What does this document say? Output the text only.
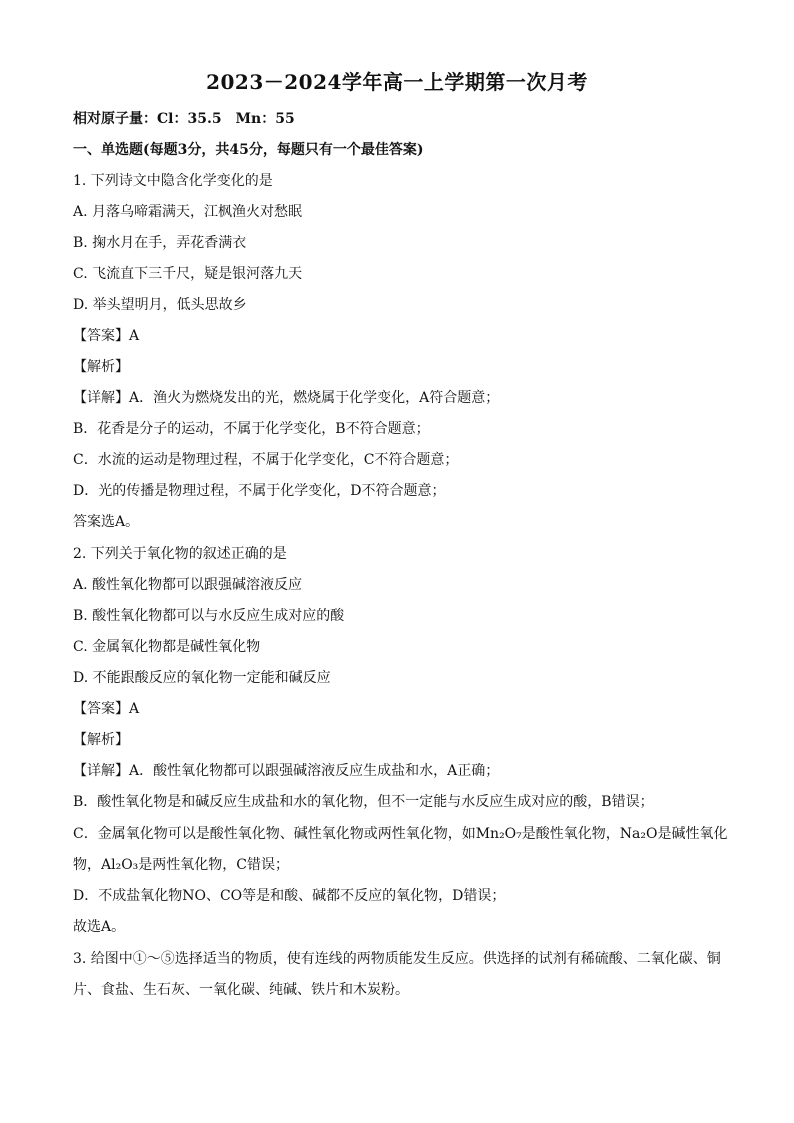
2023－2024学年高一上学期第一次月考
相对原子量：Cl：35.5　Mn：55
一、单选题(每题3分，共45分，每题只有一个最佳答案)
1. 下列诗文中隐含化学变化的是
A. 月落乌啼霜满天，江枫渔火对愁眠
B. 掬水月在手，弄花香满衣
C. 飞流直下三千尺，疑是银河落九天
D. 举头望明月，低头思故乡
【答案】A
【解析】
【详解】A．渔火为燃烧发出的光，燃烧属于化学变化，A符合题意；
B．花香是分子的运动，不属于化学变化，B不符合题意；
C．水流的运动是物理过程，不属于化学变化，C不符合题意；
D．光的传播是物理过程，不属于化学变化，D不符合题意；
答案选A。
2. 下列关于氧化物的叙述正确的是
A. 酸性氧化物都可以跟强碱溶液反应
B. 酸性氧化物都可以与水反应生成对应的酸
C. 金属氧化物都是碱性氧化物
D. 不能跟酸反应的氧化物一定能和碱反应
【答案】A
【解析】
【详解】A．酸性氧化物都可以跟强碱溶液反应生成盐和水，A正确；
B．酸性氧化物是和碱反应生成盐和水的氧化物，但不一定能与水反应生成对应的酸，B错误；
C．金属氧化物可以是酸性氧化物、碱性氧化物或两性氧化物，如Mn₂O₇是酸性氧化物，Na₂O是碱性氧化
物，Al₂O₃是两性氧化物，C错误；
D．不成盐氧化物NO、CO等是和酸、碱都不反应的氧化物，D错误；
故选A。
3. 给图中①～⑤选择适当的物质，使有连线的两物质能发生反应。供选择的试剂有稀硫酸、二氧化碳、铜片、食盐、生石灰、一氧化碳、纯碱、铁片和木炭粉。
